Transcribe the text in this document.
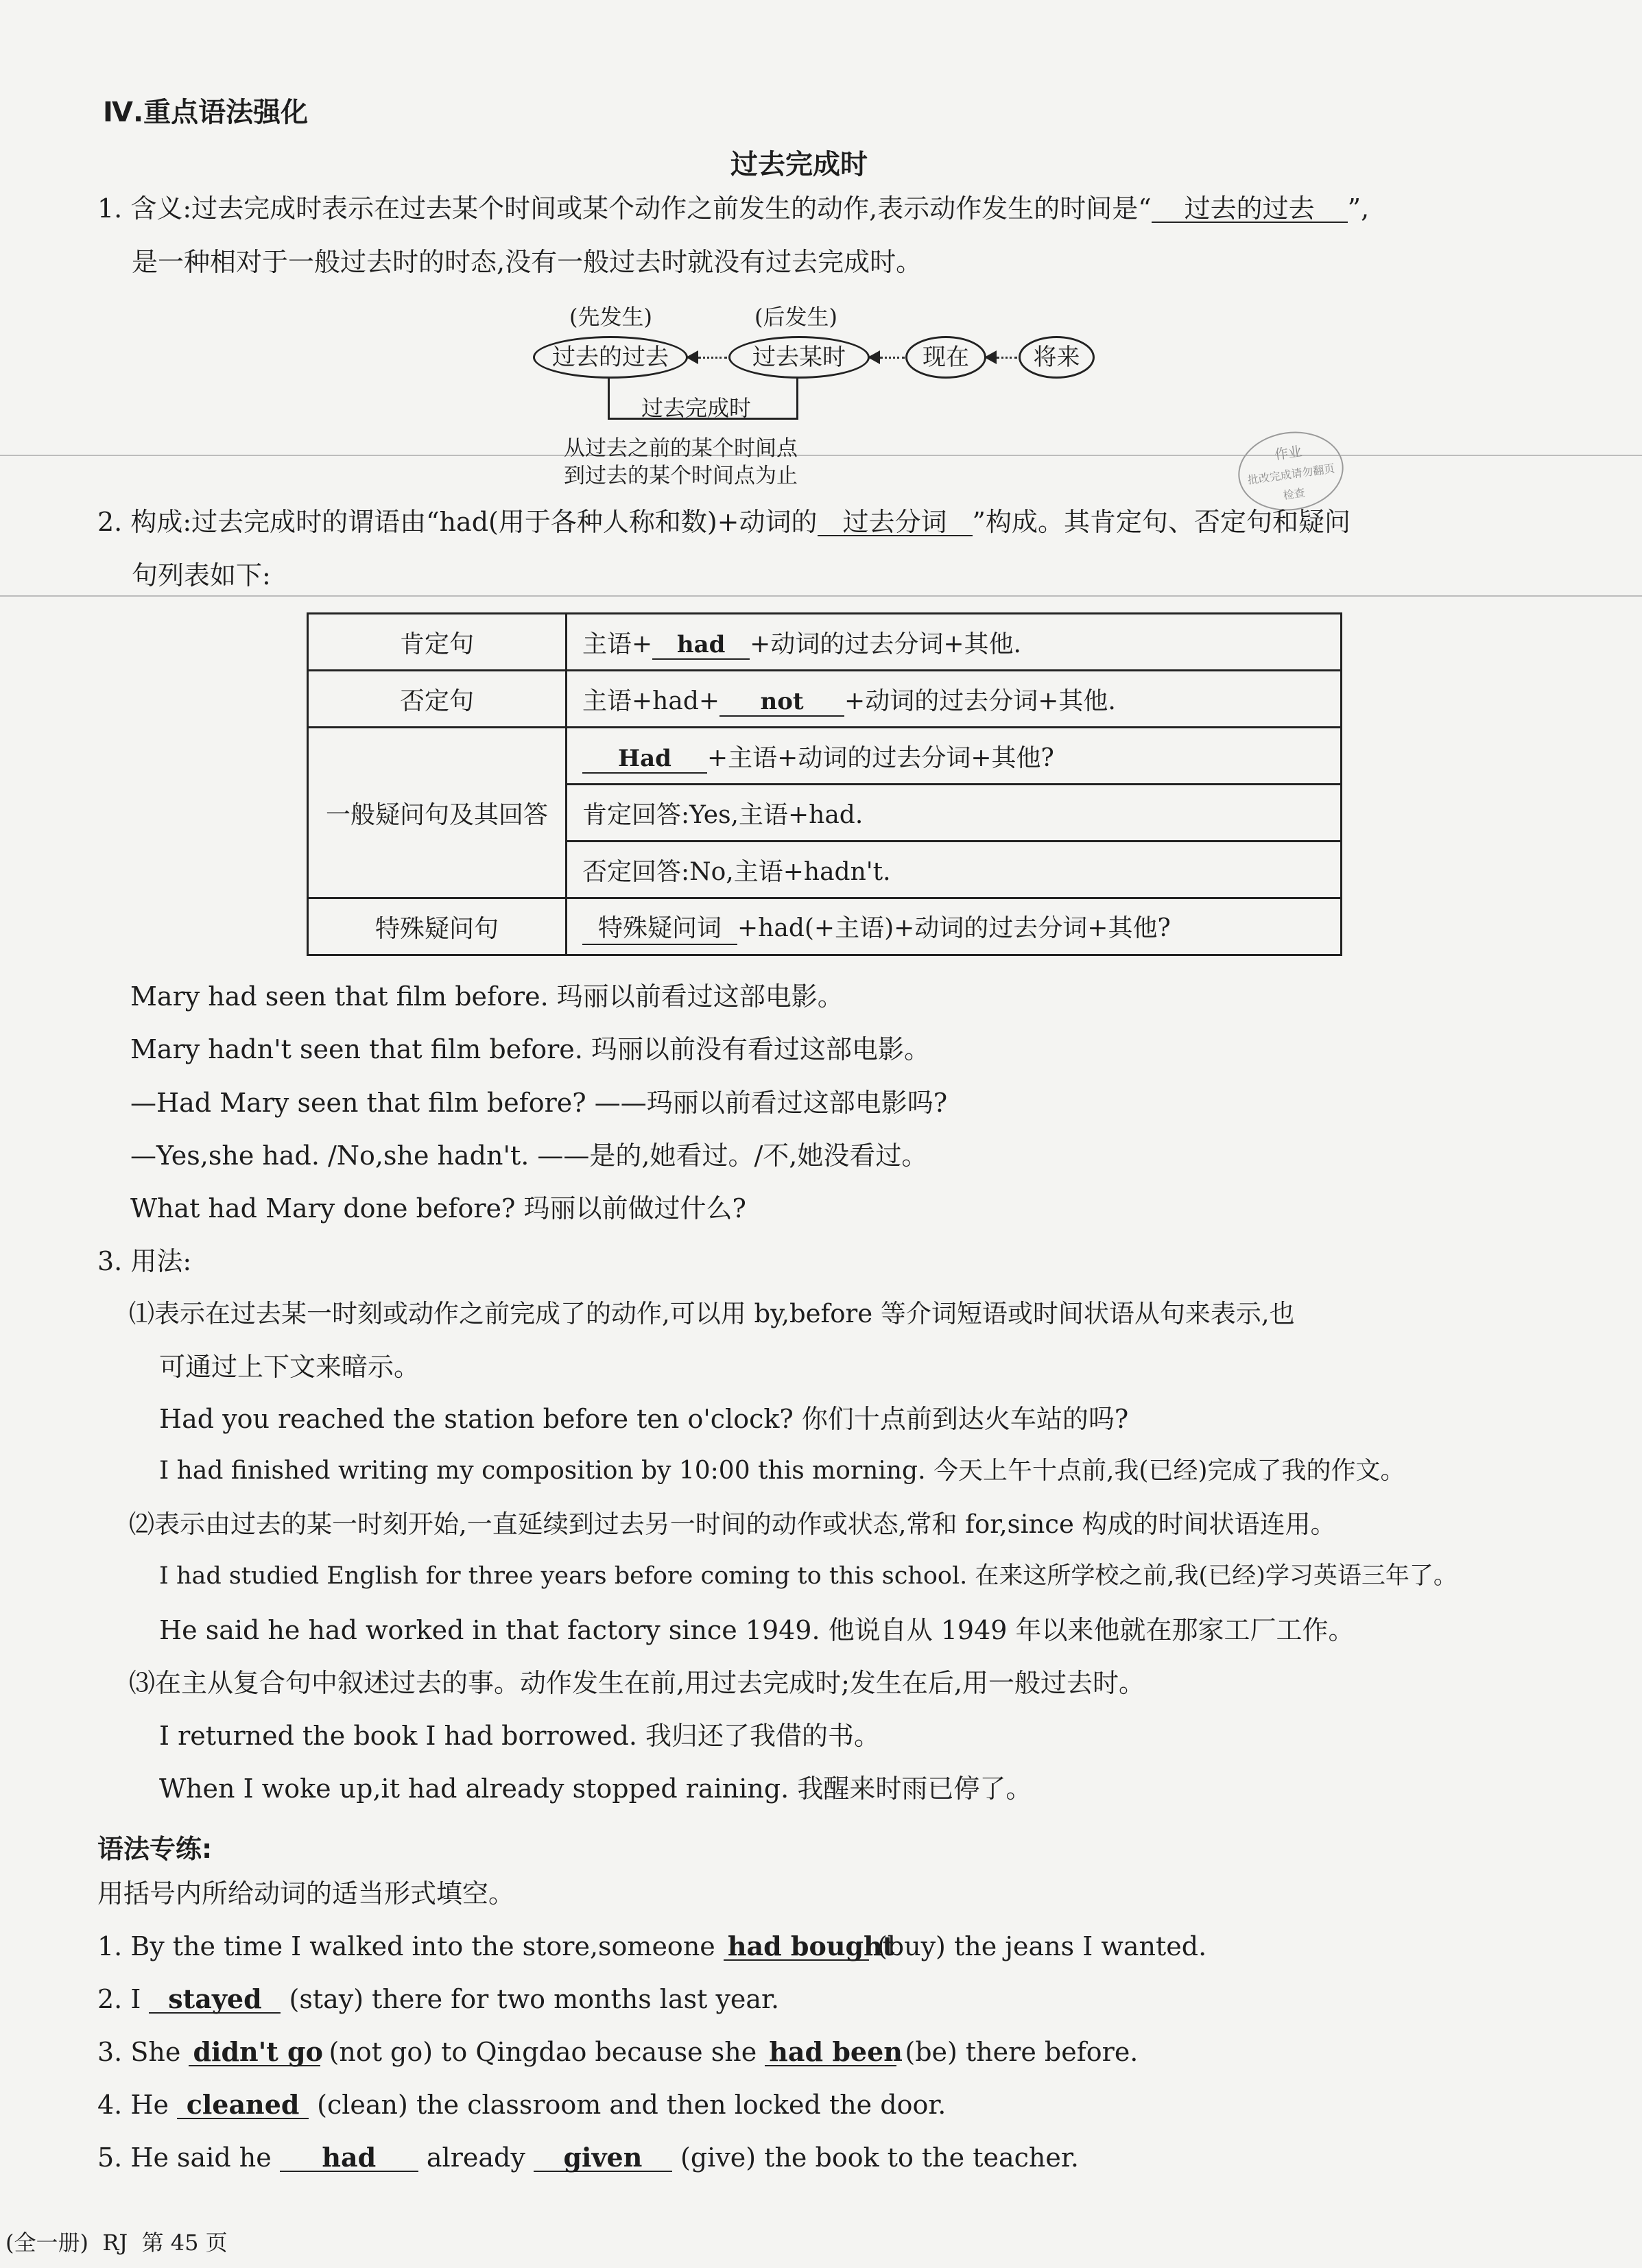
Ⅳ.重点语法强化
过去完成时
1. 含义:过去完成时表示在过去某个时间或某个动作之前发生的动作,表示动作发生的时间是“ 过去的过去 ”,
是一种相对于一般过去时的时态,没有一般过去时就没有过去完成时。
(先发生)	(后发生)
过去的过去	过去某时	现在	将来
过去完成时
从过去之前的某个时间点
到过去的某个时间点为止
作业
批改完成请勿翻页
检查
2. 构成:过去完成时的谓语由“had(用于各种人称和数)+动词的 过去分词 ”构成。其肯定句、否定句和疑问
句列表如下:
肯定句	主语+ had +动词的过去分词+其他.
否定句	主语+had+ not +动词的过去分词+其他.
一般疑问句及其回答	Had +主语+动词的过去分词+其他?
	肯定回答:Yes,主语+had.
	否定回答:No,主语+hadn't.
特殊疑问句	特殊疑问词 +had(+主语)+动词的过去分词+其他?
Mary had seen that film before. 玛丽以前看过这部电影。
Mary hadn't seen that film before. 玛丽以前没有看过这部电影。
—Had Mary seen that film before? ——玛丽以前看过这部电影吗?
—Yes,she had. /No,she hadn't. ——是的,她看过。/不,她没看过。
What had Mary done before? 玛丽以前做过什么?
3. 用法:
⑴表示在过去某一时刻或动作之前完成了的动作,可以用 by,before 等介词短语或时间状语从句来表示,也
可通过上下文来暗示。
Had you reached the station before ten o'clock? 你们十点前到达火车站的吗?
I had finished writing my composition by 10:00 this morning. 今天上午十点前,我(已经)完成了我的作文。
⑵表示由过去的某一时刻开始,一直延续到过去另一时间的动作或状态,常和 for,since 构成的时间状语连用。
I had studied English for three years before coming to this school. 在来这所学校之前,我(已经)学习英语三年了。
He said he had worked in that factory since 1949. 他说自从 1949 年以来他就在那家工厂工作。
⑶在主从复合句中叙述过去的事。动作发生在前,用过去完成时;发生在后,用一般过去时。
I returned the book I had borrowed. 我归还了我借的书。
When I woke up,it had already stopped raining. 我醒来时雨已停了。
语法专练:
用括号内所给动词的适当形式填空。
1. By the time I walked into the store,someone had bought (buy) the jeans I wanted.
2. I stayed (stay) there for two months last year.
3. She didn't go (not go) to Qingdao because she had been (be) there before.
4. He cleaned (clean) the classroom and then locked the door.
5. He said he had already given (give) the book to the teacher.
(全一册) RJ 第 45 页
